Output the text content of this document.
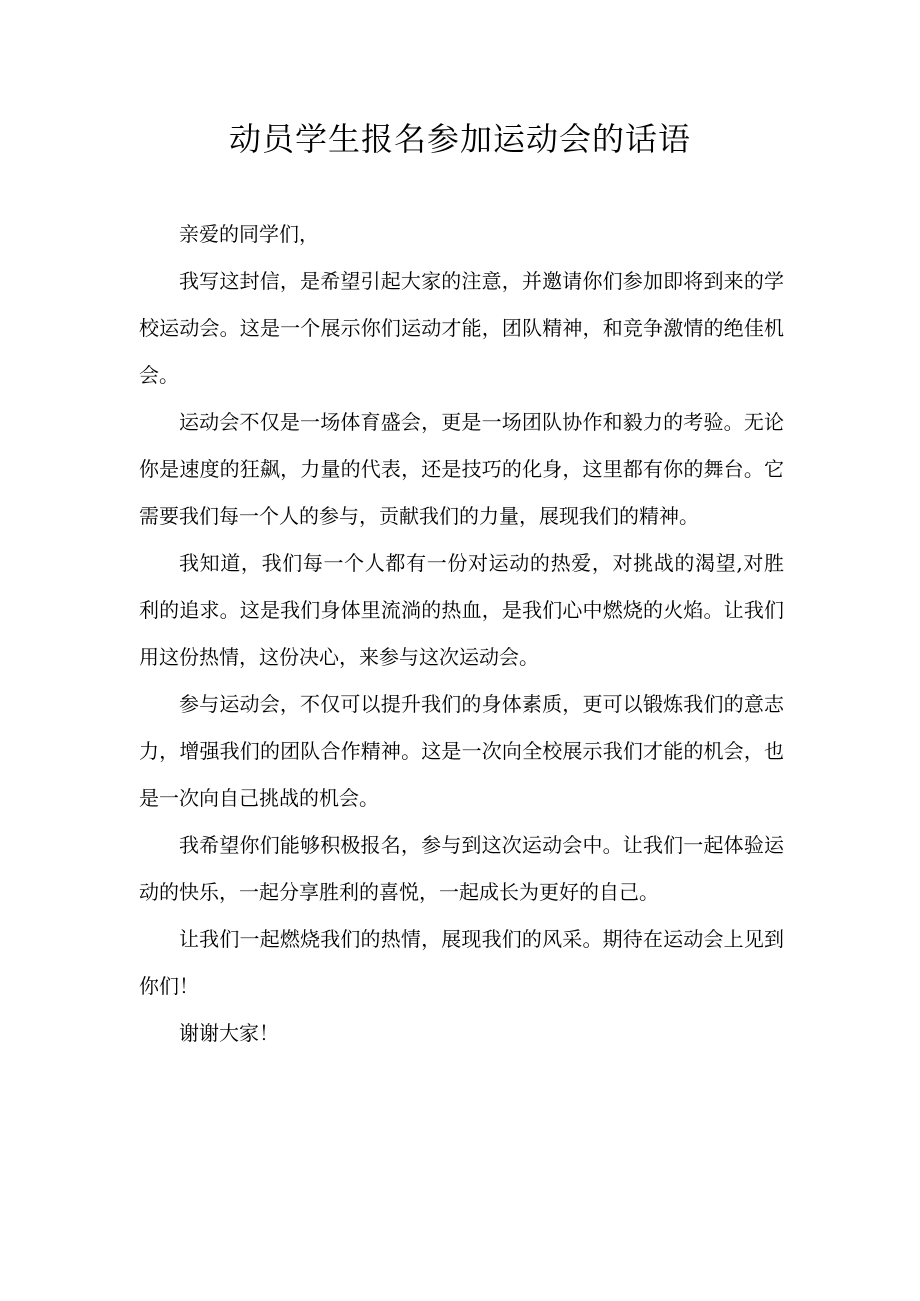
动员学生报名参加运动会的话语

亲爱的同学们，

我写这封信，是希望引起大家的注意，并邀请你们参加即将到来的学校运动会。这是一个展示你们运动才能，团队精神，和竞争激情的绝佳机会。

运动会不仅是一场体育盛会，更是一场团队协作和毅力的考验。无论你是速度的狂飙，力量的代表，还是技巧的化身，这里都有你的舞台。它需要我们每一个人的参与，贡献我们的力量，展现我们的精神。

我知道，我们每一个人都有一份对运动的热爱，对挑战的渴望,对胜利的追求。这是我们身体里流淌的热血，是我们心中燃烧的火焰。让我们用这份热情，这份决心，来参与这次运动会。

参与运动会，不仅可以提升我们的身体素质，更可以锻炼我们的意志力，增强我们的团队合作精神。这是一次向全校展示我们才能的机会，也是一次向自己挑战的机会。

我希望你们能够积极报名，参与到这次运动会中。让我们一起体验运动的快乐，一起分享胜利的喜悦，一起成长为更好的自己。

让我们一起燃烧我们的热情，展现我们的风采。期待在运动会上见到你们！

谢谢大家！
